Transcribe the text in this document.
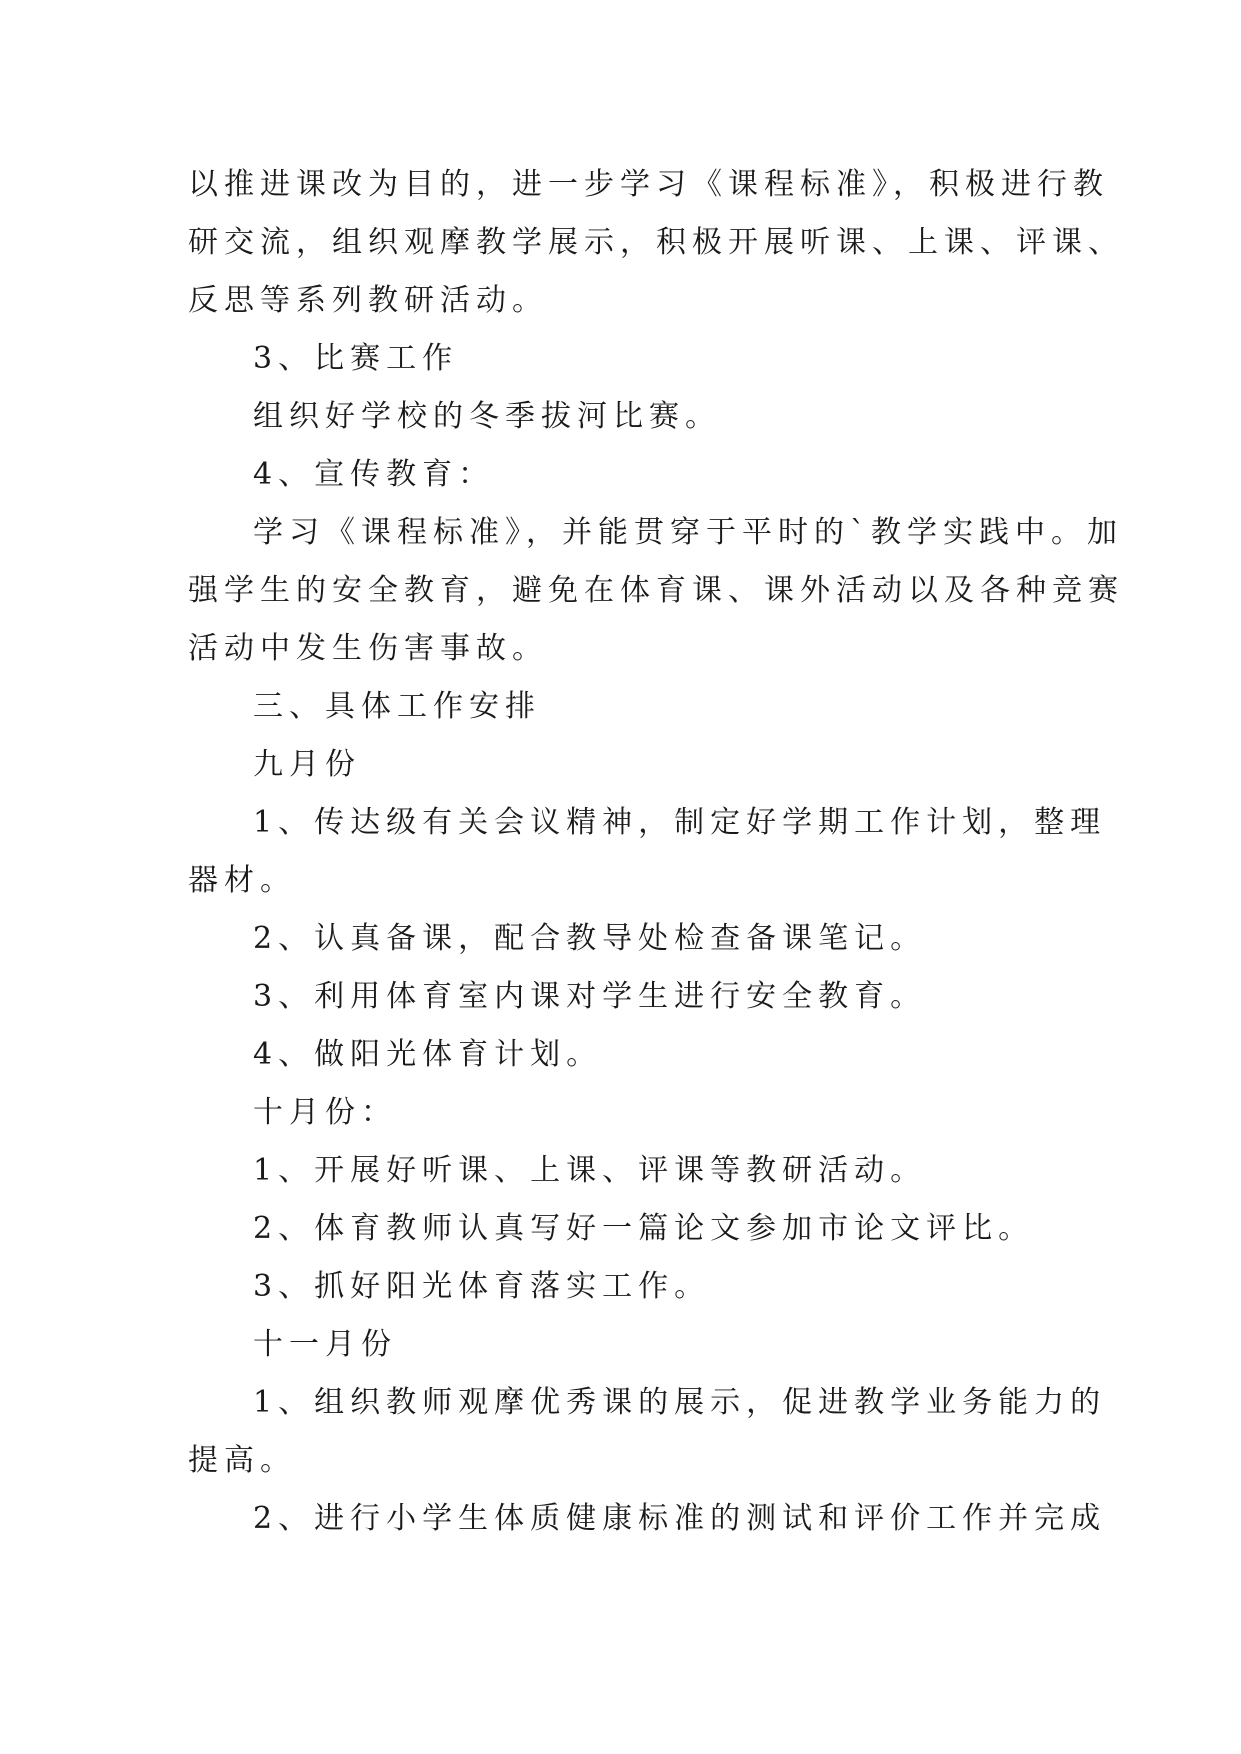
以推进课改为目的，进一步学习《课程标准》，积极进行教
研交流，组织观摩教学展示，积极开展听课、上课、评课、
反思等系列教研活动。
3、比赛工作
组织好学校的冬季拔河比赛。
4、宣传教育：
学习《课程标准》，并能贯穿于平时的`教学实践中。加
强学生的安全教育，避免在体育课、课外活动以及各种竞赛
活动中发生伤害事故。
三、具体工作安排
九月份
1、传达级有关会议精神，制定好学期工作计划，整理
器材。
2、认真备课，配合教导处检查备课笔记。
3、利用体育室内课对学生进行安全教育。
4、做阳光体育计划。
十月份：
1、开展好听课、上课、评课等教研活动。
2、体育教师认真写好一篇论文参加市论文评比。
3、抓好阳光体育落实工作。
十一月份
1、组织教师观摩优秀课的展示，促进教学业务能力的
提高。
2、进行小学生体质健康标准的测试和评价工作并完成
